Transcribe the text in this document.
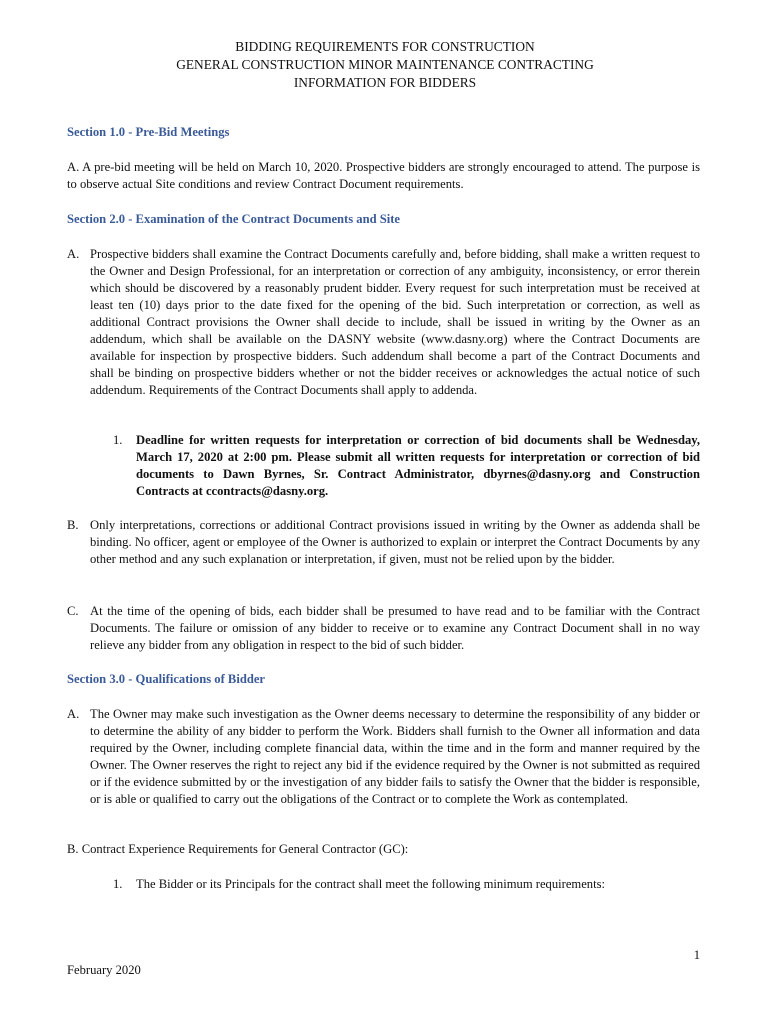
BIDDING REQUIREMENTS FOR CONSTRUCTION
GENERAL CONSTRUCTION MINOR MAINTENANCE CONTRACTING
INFORMATION FOR BIDDERS
Section 1.0 - Pre-Bid Meetings
A. A pre-bid meeting will be held on March 10, 2020. Prospective bidders are strongly encouraged to attend. The purpose is to observe actual Site conditions and review Contract Document requirements.
Section 2.0 - Examination of the Contract Documents and Site
A. Prospective bidders shall examine the Contract Documents carefully and, before bidding, shall make a written request to the Owner and Design Professional, for an interpretation or correction of any ambiguity, inconsistency, or error therein which should be discovered by a reasonably prudent bidder. Every request for such interpretation must be received at least ten (10) days prior to the date fixed for the opening of the bid. Such interpretation or correction, as well as additional Contract provisions the Owner shall decide to include, shall be issued in writing by the Owner as an addendum, which shall be available on the DASNY website (www.dasny.org) where the Contract Documents are available for inspection by prospective bidders. Such addendum shall become a part of the Contract Documents and shall be binding on prospective bidders whether or not the bidder receives or acknowledges the actual notice of such addendum. Requirements of the Contract Documents shall apply to addenda.
1. Deadline for written requests for interpretation or correction of bid documents shall be Wednesday, March 17, 2020 at 2:00 pm. Please submit all written requests for interpretation or correction of bid documents to Dawn Byrnes, Sr. Contract Administrator, dbyrnes@dasny.org and Construction Contracts at ccontracts@dasny.org.
B. Only interpretations, corrections or additional Contract provisions issued in writing by the Owner as addenda shall be binding. No officer, agent or employee of the Owner is authorized to explain or interpret the Contract Documents by any other method and any such explanation or interpretation, if given, must not be relied upon by the bidder.
C. At the time of the opening of bids, each bidder shall be presumed to have read and to be familiar with the Contract Documents. The failure or omission of any bidder to receive or to examine any Contract Document shall in no way relieve any bidder from any obligation in respect to the bid of such bidder.
Section 3.0 - Qualifications of Bidder
A. The Owner may make such investigation as the Owner deems necessary to determine the responsibility of any bidder or to determine the ability of any bidder to perform the Work. Bidders shall furnish to the Owner all information and data required by the Owner, including complete financial data, within the time and in the form and manner required by the Owner. The Owner reserves the right to reject any bid if the evidence required by the Owner is not submitted as required or if the evidence submitted by or the investigation of any bidder fails to satisfy the Owner that the bidder is responsible, or is able or qualified to carry out the obligations of the Contract or to complete the Work as contemplated.
B. Contract Experience Requirements for General Contractor (GC):
1. The Bidder or its Principals for the contract shall meet the following minimum requirements:
1
February 2020
